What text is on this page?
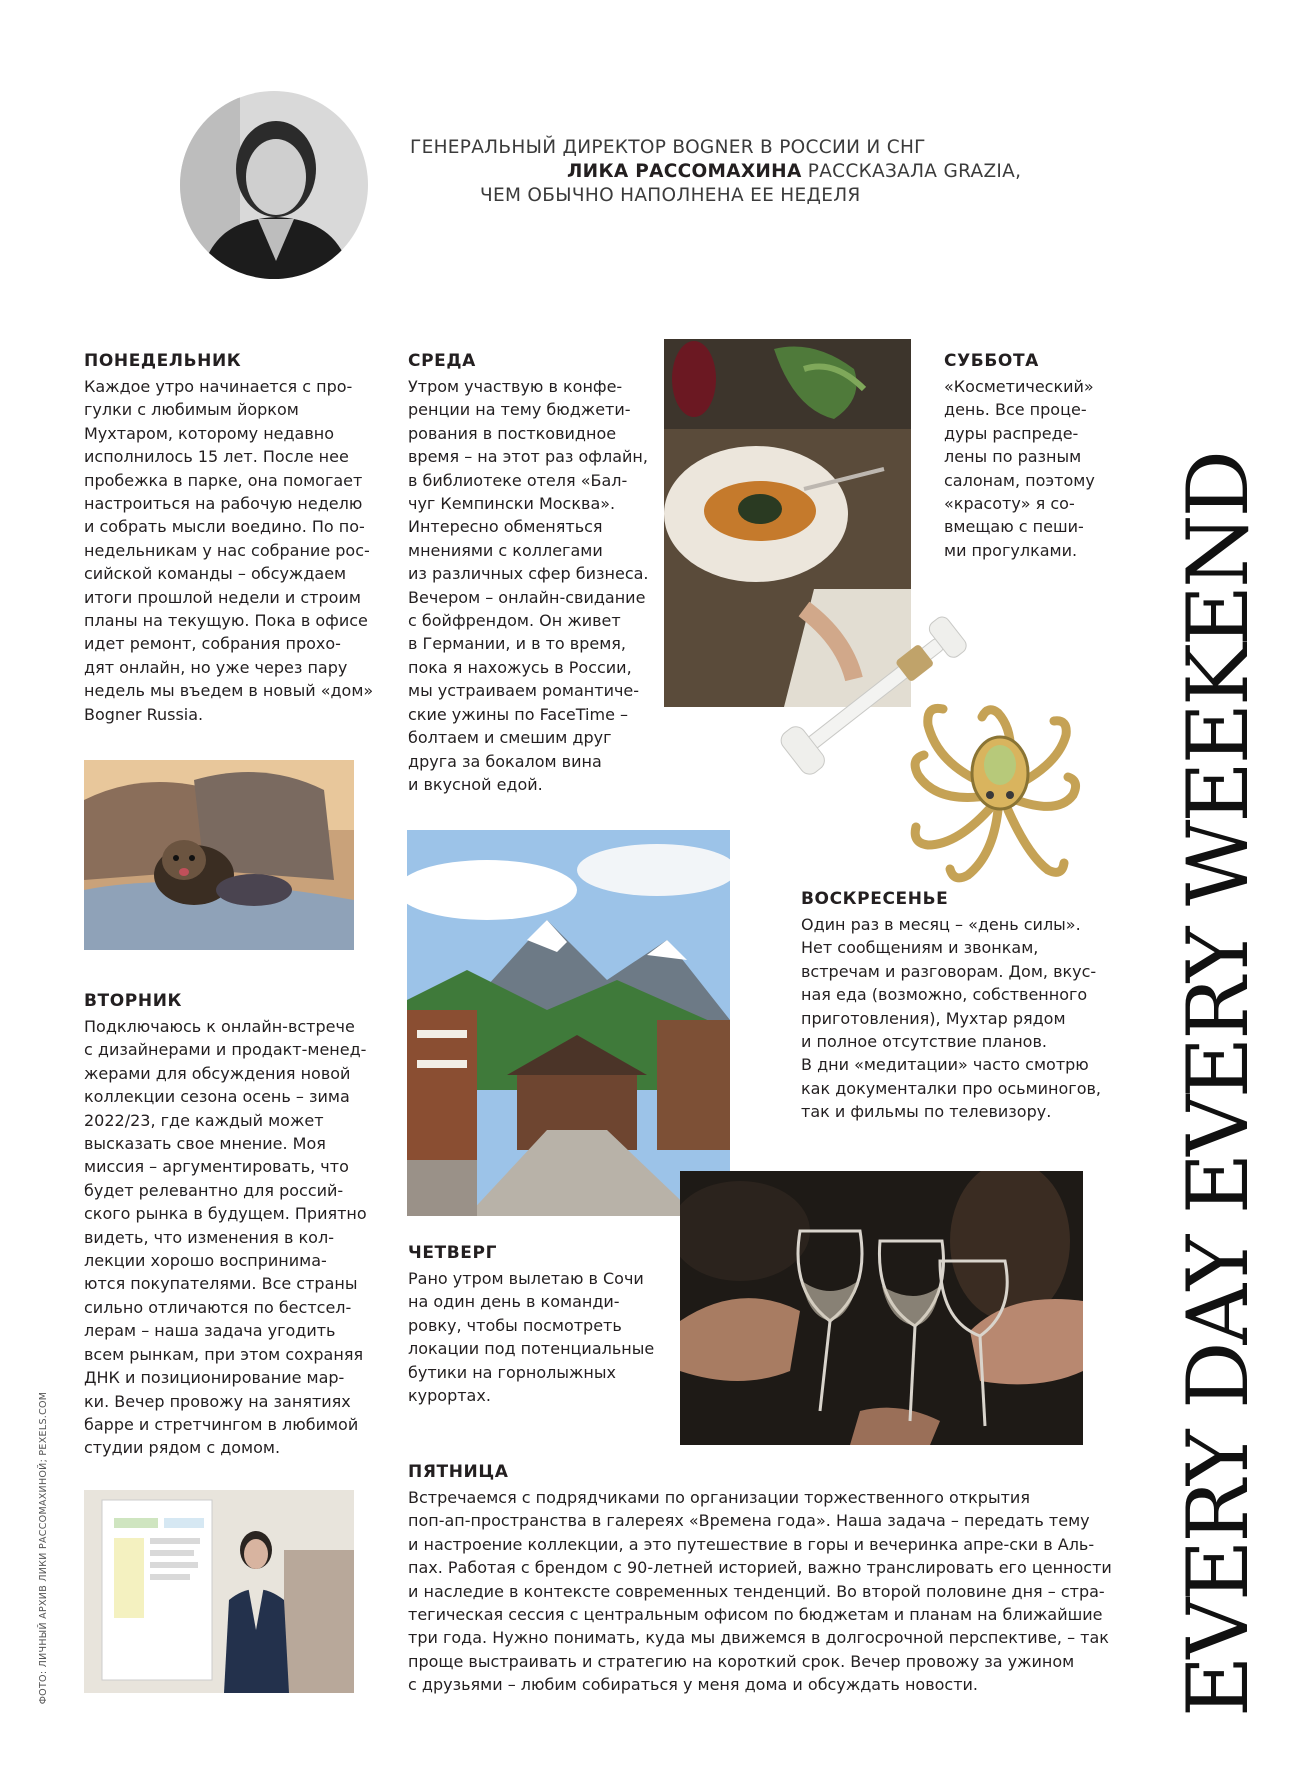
ГЕНЕРАЛЬНЫЙ ДИРЕКТОР BOGNER В РОССИИ И СНГ
ЛИКА РАССОМАХИНА РАССКАЗАЛА GRAZIA,
ЧЕМ ОБЫЧНО НАПОЛНЕНА ЕЕ НЕДЕЛЯ
ПОНЕДЕЛЬНИК
Каждое утро начинается с про-
гулки с любимым йорком
Мухтаром, которому недавно
исполнилось 15 лет. После нее
пробежка в парке, она помогает
настроиться на рабочую неделю
и собрать мысли воедино. По по-
недельникам у нас собрание рос-
сийской команды – обсуждаем
итоги прошлой недели и строим
планы на текущую. Пока в офисе
идет ремонт, собрания прохо-
дят онлайн, но уже через пару
недель мы въедем в новый «дом»
Bogner Russia.
ВТОРНИК
Подключаюсь к онлайн-встрече
с дизайнерами и продакт-менед-
жерами для обсуждения новой
коллекции сезона осень – зима
2022/23, где каждый может
высказать свое мнение. Моя
миссия – аргументировать, что
будет релевантно для россий-
ского рынка в будущем. Приятно
видеть, что изменения в кол-
лекции хорошо воспринима-
ются покупателями. Все страны
сильно отличаются по бестсел-
лерам – наша задача угодить
всем рынкам, при этом сохраняя
ДНК и позиционирование мар-
ки. Вечер провожу на занятиях
барре и стретчингом в любимой
студии рядом с домом.
СРЕДА
Утром участвую в конфе-
ренции на тему бюджети-
рования в постковидное
время – на этот раз офлайн,
в библиотеке отеля «Бал-
чуг Кемпински Москва».
Интересно обменяться
мнениями с коллегами
из различных сфер бизнеса.
Вечером – онлайн-свидание
с бойфрендом. Он живет
в Германии, и в то время,
пока я нахожусь в России,
мы устраиваем романтиче-
ские ужины по FaceTime –
болтаем и смешим друг
друга за бокалом вина
и вкусной едой.
СУББОТА
«Косметический»
день. Все проце-
дуры распреде-
лены по разным
салонам, поэтому
«красоту» я со-
вмещаю с пеши-
ми прогулками.
ВОСКРЕСЕНЬЕ
Один раз в месяц – «день силы».
Нет сообщениям и звонкам,
встречам и разговорам. Дом, вкус-
ная еда (возможно, собственного
приготовления), Мухтар рядом
и полное отсутствие планов.
В дни «медитации» часто смотрю
как документалки про осьминогов,
так и фильмы по телевизору.
ЧЕТВЕРГ
Рано утром вылетаю в Сочи
на один день в команди-
ровку, чтобы посмотреть
локации под потенциальные
бутики на горнолыжных
курортах.
ПЯТНИЦА
Встречаемся с подрядчиками по организации торжественного открытия
поп-ап-пространства в галереях «Времена года». Наша задача – передать тему
и настроение коллекции, а это путешествие в горы и вечеринка апре-ски в Аль-
пах. Работая с брендом с 90-летней историей, важно транслировать его ценности
и наследие в контексте современных тенденций. Во второй половине дня – стра-
тегическая сессия с центральным офисом по бюджетам и планам на ближайшие
три года. Нужно понимать, куда мы движемся в долгосрочной перспективе, – так
проще выстраивать и стратегию на короткий срок. Вечер провожу за ужином
с друзьями – любим собираться у меня дома и обсуждать новости.	EVERY DAY EVERY WEEKEND
ФОТО: ЛИЧНЫЙ АРХИВ ЛИКИ РАССОМАХИНОЙ; PEXELS.COM
